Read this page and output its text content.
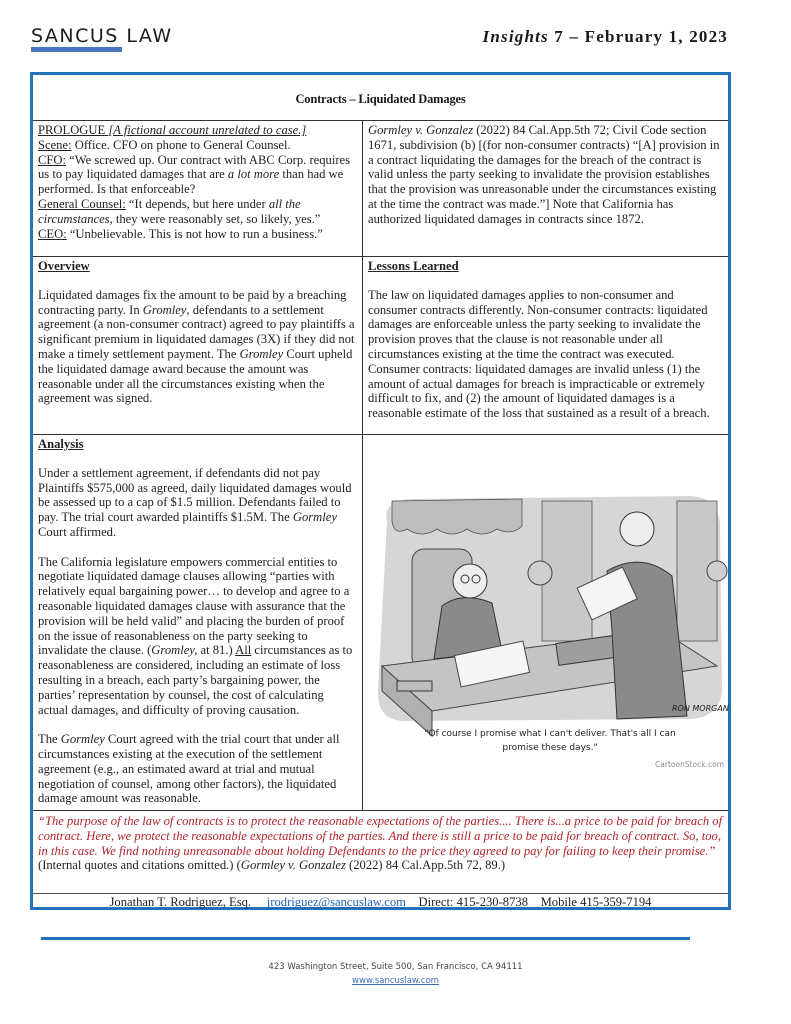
SANCUS LAW	Insights 7 – February 1, 2023
Contracts – Liquidated Damages
PROLOGUE [A fictional account unrelated to case.]
Scene: Office. CFO on phone to General Counsel.
CFO: “We screwed up. Our contract with ABC Corp. requires us to pay liquidated damages that are a lot more than had we performed. Is that enforceable?
General Counsel: “It depends, but here under all the circumstances, they were reasonably set, so likely, yes.”
CEO: “Unbelievable. This is not how to run a business.”
Gormley v. Gonzalez (2022) 84 Cal.App.5th 72; Civil Code section 1671, subdivision (b) [(for non-consumer contracts) “[A] provision in a contract liquidating the damages for the breach of the contract is valid unless the party seeking to invalidate the provision establishes that the provision was unreasonable under the circumstances existing at the time the contract was made.”] Note that California has authorized liquidated damages in contracts since 1872.
Overview
Liquidated damages fix the amount to be paid by a breaching contracting party. In Gromley, defendants to a settlement agreement (a non-consumer contract) agreed to pay plaintiffs a significant premium in liquidated damages (3X) if they did not make a timely settlement payment. The Gromley Court upheld the liquidated damage award because the amount was reasonable under all the circumstances existing when the agreement was signed.
Lessons Learned
The law on liquidated damages applies to non-consumer and consumer contracts differently. Non-consumer contracts: liquidated damages are enforceable unless the party seeking to invalidate the provision proves that the clause is not reasonable under all circumstances existing at the time the contract was executed. Consumer contracts: liquidated damages are invalid unless (1) the amount of actual damages for breach is impracticable or extremely difficult to fix, and (2) the amount of liquidated damages is a reasonable estimate of the loss that sustained as a result of a breach.
Analysis

Under a settlement agreement, if defendants did not pay Plaintiffs $575,000 as agreed, daily liquidated damages would be assessed up to a cap of $1.5 million. Defendants failed to pay. The trial court awarded plaintiffs $1.5M. The Gormley Court affirmed.

The California legislature empowers commercial entities to negotiate liquidated damage clauses allowing “parties with relatively equal bargaining power… to develop and agree to a reasonable liquidated damages clause with assurance that the provision will be held valid” and placing the burden of proof on the issue of reasonableness on the party seeking to invalidate the clause. (Gromley, at 81.) All circumstances as to reasonableness are considered, including an estimate of loss resulting in a breach, each party’s bargaining power, the parties’ representation by counsel, the cost of calculating actual damages, and difficulty of proving causation.

The Gormley Court agreed with the trial court that under all circumstances existing at the execution of the settlement agreement (e.g., an estimated award at trial and mutual negotiation of counsel, among other factors), the liquidated damage amount was reasonable.

“The purpose of the law of contracts is to protect the reasonable expectations of the parties.... There is...a price to be paid for breach of contract. Here, we protect the reasonable expectations of the parties. And there is still a price to be paid for breach of contract. So, too, in this case. We find nothing unreasonable about holding Defendants to the price they agreed to pay for failing to keep their promise.” (Internal quotes and citations omitted.) (Gormley v. Gonzalez (2022) 84 Cal.App.5th 72, 89.)
Jonathan T. Rodriguez, Esq. jrodriguez@sancuslaw.com Direct: 415-230-8738 Mobile 415-359-7194
RON MORGAN
"Of course I promise what I can't deliver. That's all I can
promise these days."
CartoonStock.com
423 Washington Street, Suite 500, San Francisco, CA 94111
www.sancuslaw.com
